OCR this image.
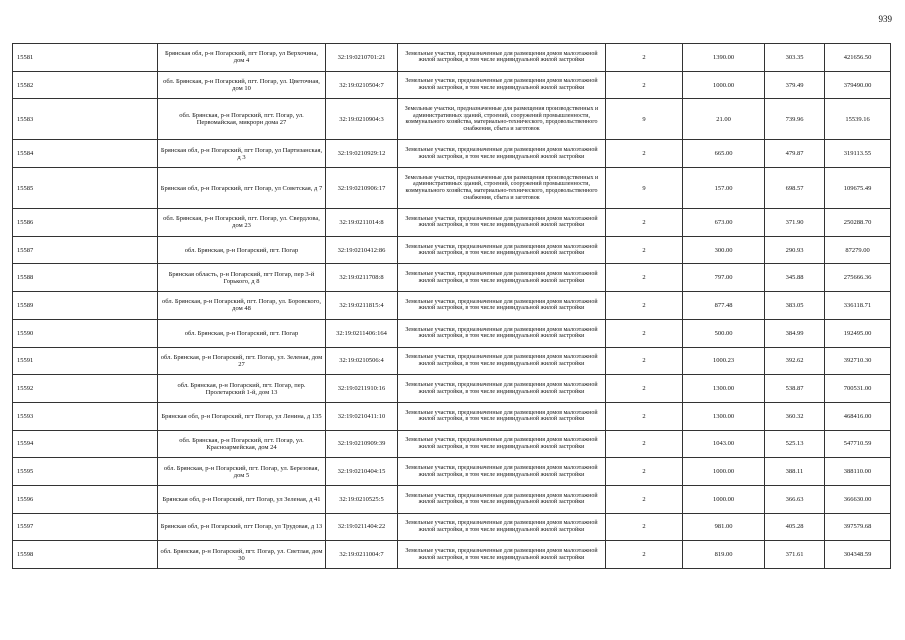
939
15581	Брянская обл, р-н Погарский, пгт Погар, ул Верхочина, дом 4	32:19:0210701:21	Земельные участки, предназначенные для размещения домов малоэтажной жилой застройки, в том числе индивидуальной жилой застройки	2	1390.00	303.35	421656.50
15582	обл. Брянская, р-н Погарский, пгт. Погар, ул. Цветочная, дом 10	32:19:0210504:7	Земельные участки, предназначенные для размещения домов малоэтажной жилой застройки, в том числе индивидуальной жилой застройки	2	1000.00	379.49	379490.00
15583	обл. Брянская, р-н Погарский, пгт. Погар, ул. Первомайская, микрорн дома 27	32:19:0210904:3	Земельные участки, предназначенные для размещения производственных и административных зданий, строений, сооружений промышленности, коммунального хозяйства, материально-технического, продовольственного снабжения, сбыта и заготовок	9	21.00	739.96	15539.16
15584	Брянская обл, р-н Погарский, пгт Погар, ул Партизанская, д 3	32:19:0210929:12	Земельные участки, предназначенные для размещения домов малоэтажной жилой застройки, в том числе индивидуальной жилой застройки	2	665.00	479.87	319113.55
15585	Брянская обл, р-н Погарский, пгт Погар, ул Советская, д 7	32:19:0210906:17	Земельные участки, предназначенные для размещения производственных и административных зданий, строений, сооружений промышленности, коммунального хозяйства, материально-технического, продовольственного снабжения, сбыта и заготовок	9	157.00	698.57	109675.49
15586	обл. Брянская, р-н Погарский, пгт. Погар, ул. Свердлова, дом 23	32:19:0211014:8	Земельные участки, предназначенные для размещения домов малоэтажной жилой застройки, в том числе индивидуальной жилой застройки	2	673.00	371.90	250288.70
15587	обл. Брянская, р-н Погарский, пгт. Погар	32:19:0210412:86	Земельные участки, предназначенные для размещения домов малоэтажной жилой застройки, в том числе индивидуальной жилой застройки	2	300.00	290.93	87279.00
15588	Брянская область, р-н Погарский, пгт Погар, пер 3-й Горького, д 8	32:19:0211708:8	Земельные участки, предназначенные для размещения домов малоэтажной жилой застройки, в том числе индивидуальной жилой застройки	2	797.00	345.88	275666.36
15589	обл. Брянская, р-н Погарский, пгт. Погар, ул. Боровского, дом 48	32:19:0211815:4	Земельные участки, предназначенные для размещения домов малоэтажной жилой застройки, в том числе индивидуальной жилой застройки	2	877.48	383.05	336118.71
15590	обл. Брянская, р-н Погарский, пгт. Погар	32:19:0211406:164	Земельные участки, предназначенные для размещения домов малоэтажной жилой застройки, в том числе индивидуальной жилой застройки	2	500.00	384.99	192495.00
15591	обл. Брянская, р-н Погарский, пгт. Погар, ул. Зеленая, дом 27	32:19:0210506:4	Земельные участки, предназначенные для размещения домов малоэтажной жилой застройки, в том числе индивидуальной жилой застройки	2	1000.23	392.62	392710.30
15592	обл. Брянская, р-н Погарский, пгт. Погар, пер. Пролетарский 1-й, дом 13	32:19:0211910:16	Земельные участки, предназначенные для размещения домов малоэтажной жилой застройки, в том числе индивидуальной жилой застройки	2	1300.00	538.87	700531.00
15593	Брянская обл, р-н Погарский, пгт Погар, ул Ленина, д 135	32:19:0210411:10	Земельные участки, предназначенные для размещения домов малоэтажной жилой застройки, в том числе индивидуальной жилой застройки	2	1300.00	360.32	468416.00
15594	обл. Брянская, р-н Погарский, пгт. Погар, ул. Красноармейская, дом 24	32:19:0210909:39	Земельные участки, предназначенные для размещения домов малоэтажной жилой застройки, в том числе индивидуальной жилой застройки	2	1043.00	525.13	547710.59
15595	обл. Брянская, р-н Погарский, пгт. Погар, ул. Березовая, дом 5	32:19:0210404:15	Земельные участки, предназначенные для размещения домов малоэтажной жилой застройки, в том числе индивидуальной жилой застройки	2	1000.00	388.11	388110.00
15596	Брянская обл, р-н Погарский, пгт Погар, ул Зеленая, д 41	32:19:0210525:5	Земельные участки, предназначенные для размещения домов малоэтажной жилой застройки, в том числе индивидуальной жилой застройки	2	1000.00	366.63	366630.00
15597	Брянская обл, р-н Погарский, пгт Погар, ул Трудовая, д 13	32:19:0211404:22	Земельные участки, предназначенные для размещения домов малоэтажной жилой застройки, в том числе индивидуальной жилой застройки	2	981.00	405.28	397579.68
15598	обл. Брянская, р-н Погарский, пгт. Погар, ул. Светлая, дом 30	32:19:0211004:7	Земельные участки, предназначенные для размещения домов малоэтажной жилой застройки, в том числе индивидуальной жилой застройки	2	819.00	371.61	304348.59
